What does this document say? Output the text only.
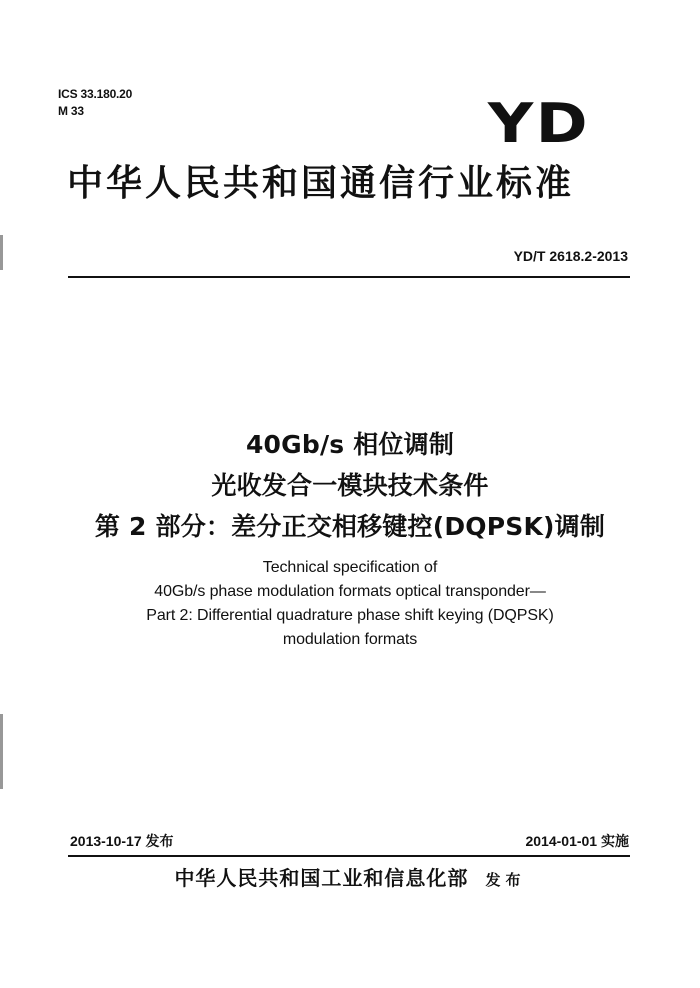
ICS 33.180.20
M 33	YD
中华人民共和国通信行业标准
YD/T 2618.2-2013
40Gb/s 相位调制
光收发合一模块技术条件
第 2 部分：差分正交相移键控(DQPSK)调制
Technical specification of
40Gb/s phase modulation formats optical transponder—
Part 2: Differential quadrature phase shift keying (DQPSK)
modulation formats
2013-10-17 发布	2014-01-01 实施
中华人民共和国工业和信息化部 发布
